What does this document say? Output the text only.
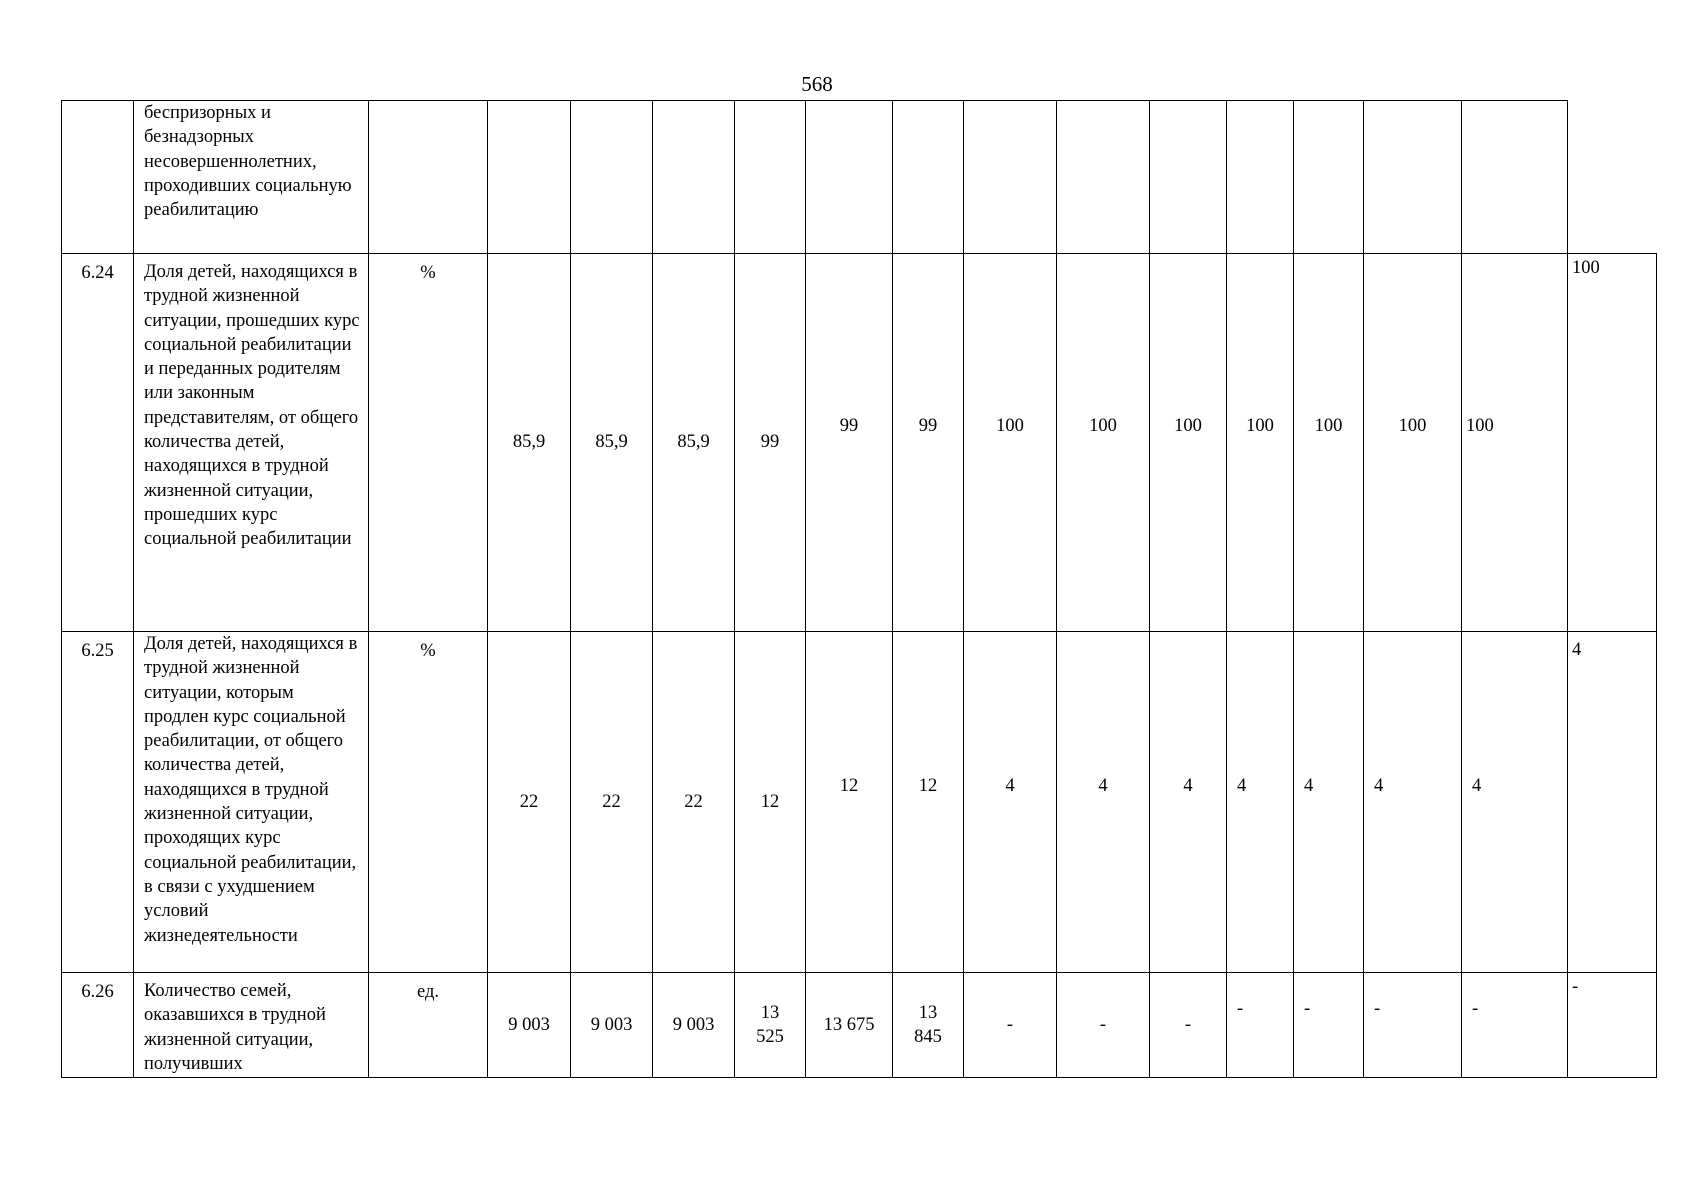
568
	беспризорных и безнадзорных несовершеннолетних, проходивших социальную реабилитацию															
6.24	Доля детей, находящихся в трудной жизненной ситуации, прошедших курс социальной реабилитации и переданных родителям или законным представителям, от общего количества детей, находящихся в трудной жизненной ситуации, прошедших курс социальной реабилитации	%	85,9	85,9	85,9	99	99	99	100	100	100	100	100	100	100	100
6.25	Доля детей, находящихся в трудной жизненной ситуации, которым продлен курс социальной реабилитации, от общего количества детей, находящихся в трудной жизненной ситуации, проходящих курс социальной реабилитации, в связи с ухудшением условий жизнедеятельности	%	22	22	22	12	12	12	4	4	4	4	4	4	4	4
6.26	Количество семей, оказавшихся в трудной жизненной ситуации, получивших	ед.	9 003	9 003	9 003	13 525	13 675	13 845	-	-	-	-	-	-	-	-
